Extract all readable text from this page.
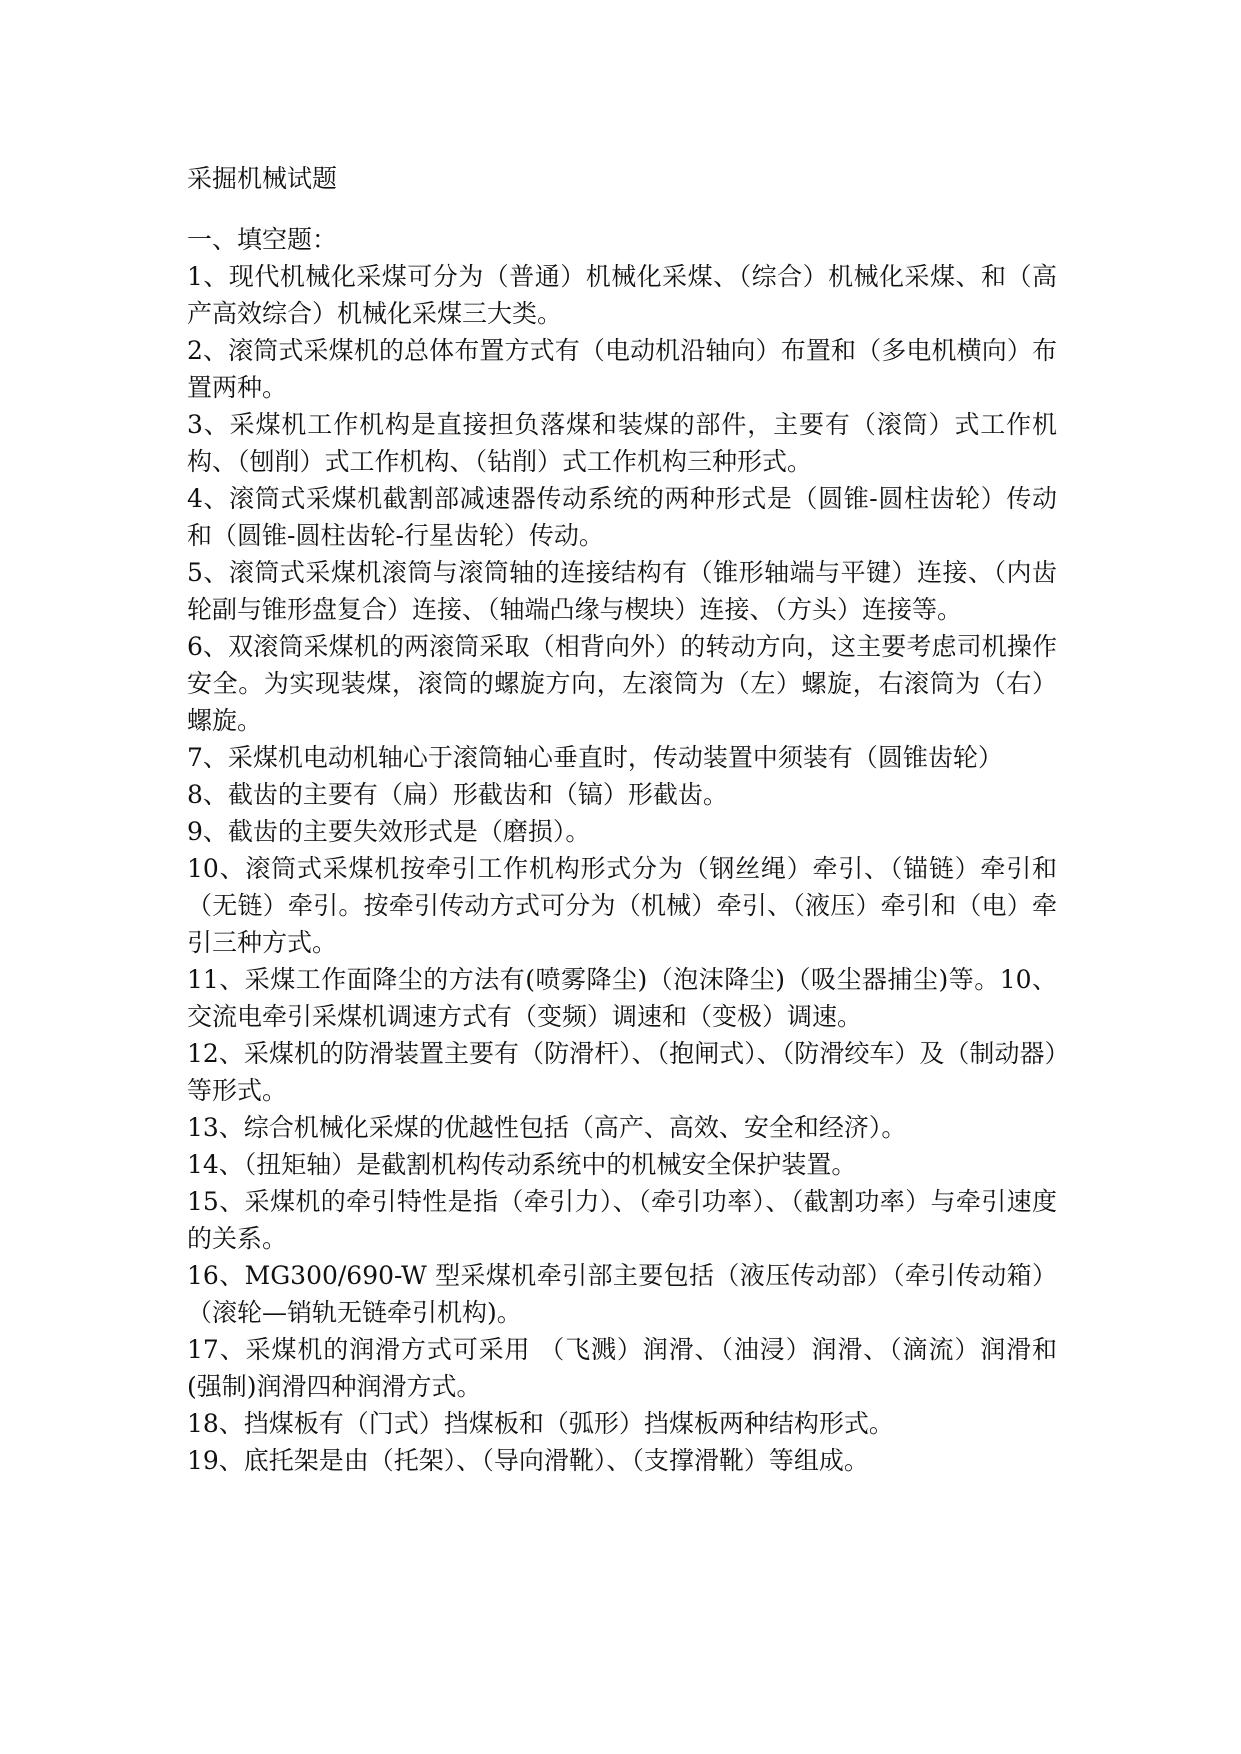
采掘机械试题
一、填空题：

1、现代机械化采煤可分为（普通）机械化采煤、（综合）机械化采煤、和（高产高效综合）机械化采煤三大类。

2、滚筒式采煤机的总体布置方式有（电动机沿轴向）布置和（多电机横向）布置两种。

3、采煤机工作机构是直接担负落煤和装煤的部件，主要有（滚筒）式工作机构、（刨削）式工作机构、（钻削）式工作机构三种形式。

4、滚筒式采煤机截割部减速器传动系统的两种形式是（圆锥-圆柱齿轮）传动和（圆锥-圆柱齿轮-行星齿轮）传动。

5、滚筒式采煤机滚筒与滚筒轴的连接结构有（锥形轴端与平键）连接、（内齿轮副与锥形盘复合）连接、（轴端凸缘与楔块）连接、（方头）连接等。

6、双滚筒采煤机的两滚筒采取（相背向外）的转动方向，这主要考虑司机操作安全。为实现装煤，滚筒的螺旋方向，左滚筒为（左）螺旋，右滚筒为（右）螺旋。

7、采煤机电动机轴心于滚筒轴心垂直时，传动装置中须装有（圆锥齿轮）

8、截齿的主要有（扁）形截齿和（镐）形截齿。

9、截齿的主要失效形式是（磨损）。

10、滚筒式采煤机按牵引工作机构形式分为（钢丝绳）牵引、（锚链）牵引和（无链）牵引。按牵引传动方式可分为（机械）牵引、（液压）牵引和（电）牵引三种方式。

11、采煤工作面降尘的方法有(喷雾降尘)（泡沫降尘)（吸尘器捕尘)等。10、交流电牵引采煤机调速方式有（变频）调速和（变极）调速。

12、采煤机的防滑装置主要有（防滑杆）、（抱闸式）、（防滑绞车）及（制动器）等形式。

13、综合机械化采煤的优越性包括（高产、高效、安全和经济）。

14、（扭矩轴）是截割机构传动系统中的机械安全保护装置。

15、采煤机的牵引特性是指（牵引力）、（牵引功率）、（截割功率）与牵引速度的关系。

16、MG300/690-W 型采煤机牵引部主要包括（液压传动部）（牵引传动箱）（滚轮—销轨无链牵引机构)。

17、采煤机的润滑方式可采用 （飞溅）润滑、（油浸）润滑、（滴流）润滑和(强制)润滑四种润滑方式。

18、挡煤板有（门式）挡煤板和（弧形）挡煤板两种结构形式。

19、底托架是由（托架）、（导向滑靴）、（支撑滑靴）等组成。
